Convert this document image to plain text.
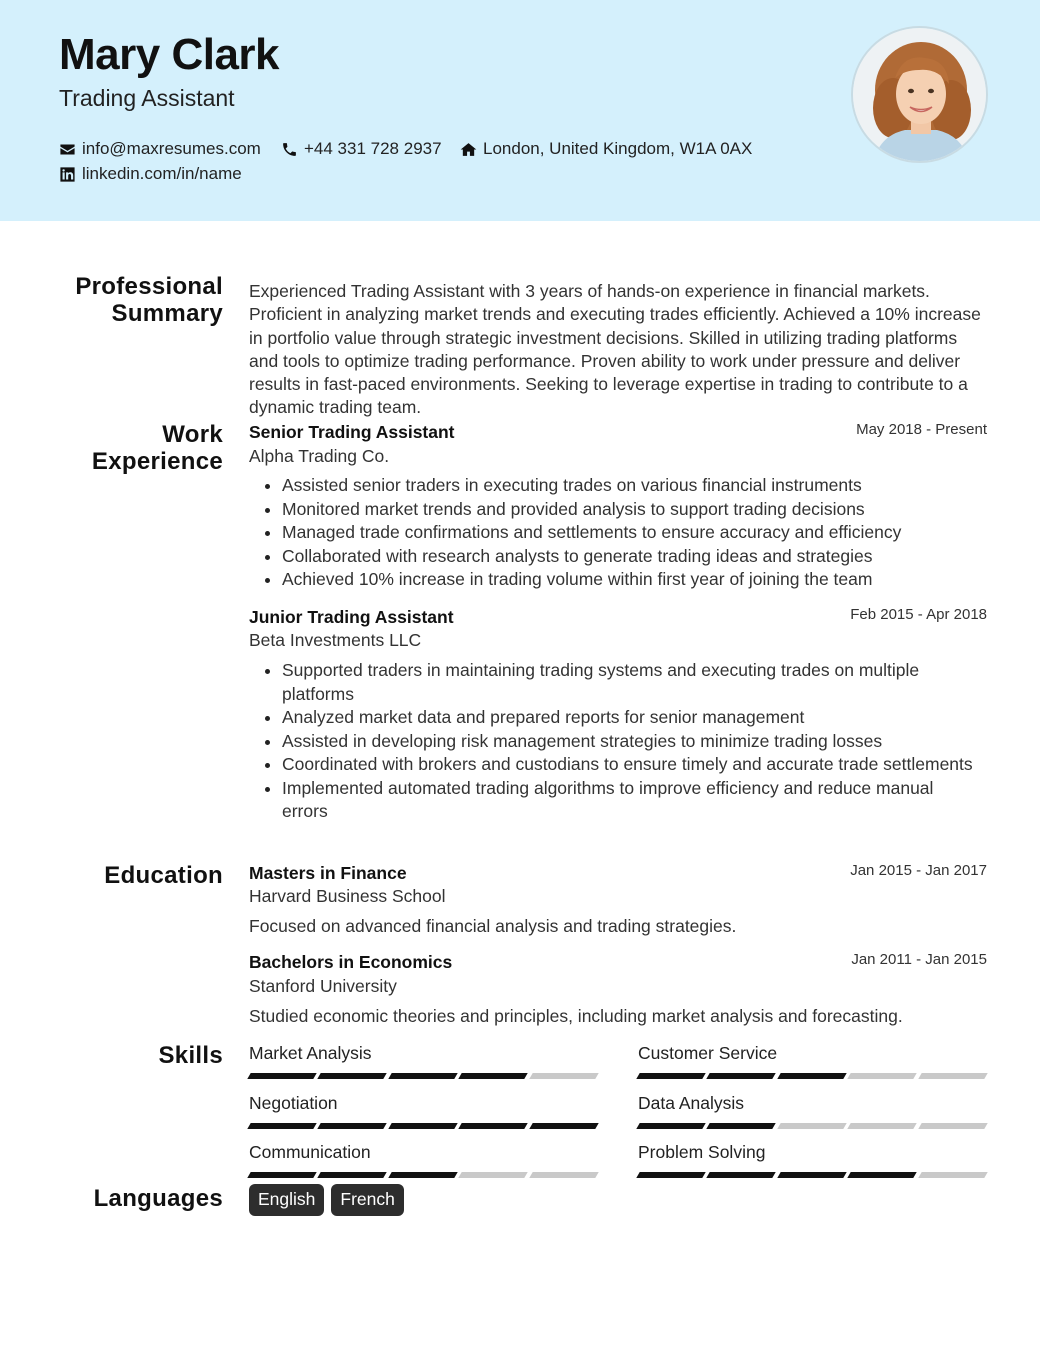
Mary Clark
Trading Assistant
info@maxresumes.com	+44 331 728 2937 London, United Kingdom, W1A 0AX
linkedin.com/in/name
Professional
Summary
Experienced Trading Assistant with 3 years of hands-on experience in financial markets. Proficient in analyzing market trends and executing trades efficiently. Achieved a 10% increase in portfolio value through strategic investment decisions. Skilled in utilizing trading platforms and tools to optimize trading performance. Proven ability to work under pressure and deliver results in fast-paced environments. Seeking to leverage expertise in trading to contribute to a dynamic trading team.
Work
Experience
Senior Trading Assistant	May 2018 - Present
Alpha Trading Co.
Assisted senior traders in executing trades on various financial instruments
Monitored market trends and provided analysis to support trading decisions
Managed trade confirmations and settlements to ensure accuracy and efficiency
Collaborated with research analysts to generate trading ideas and strategies
Achieved 10% increase in trading volume within first year of joining the team
Junior Trading Assistant	Feb 2015 - Apr 2018
Beta Investments LLC
Supported traders in maintaining trading systems and executing trades on multiple platforms
Analyzed market data and prepared reports for senior management
Assisted in developing risk management strategies to minimize trading losses
Coordinated with brokers and custodians to ensure timely and accurate trade settlements
Implemented automated trading algorithms to improve efficiency and reduce manual errors
Education Masters in Finance	Jan 2015 - Jan 2017
Harvard Business School
Focused on advanced financial analysis and trading strategies.
Bachelors in Economics	Jan 2011 - Jan 2015
Stanford University
Studied economic theories and principles, including market analysis and forecasting.
Skills Market Analysis	Customer Service
Negotiation	Data Analysis
Communication	Problem Solving
Languages	English	French
